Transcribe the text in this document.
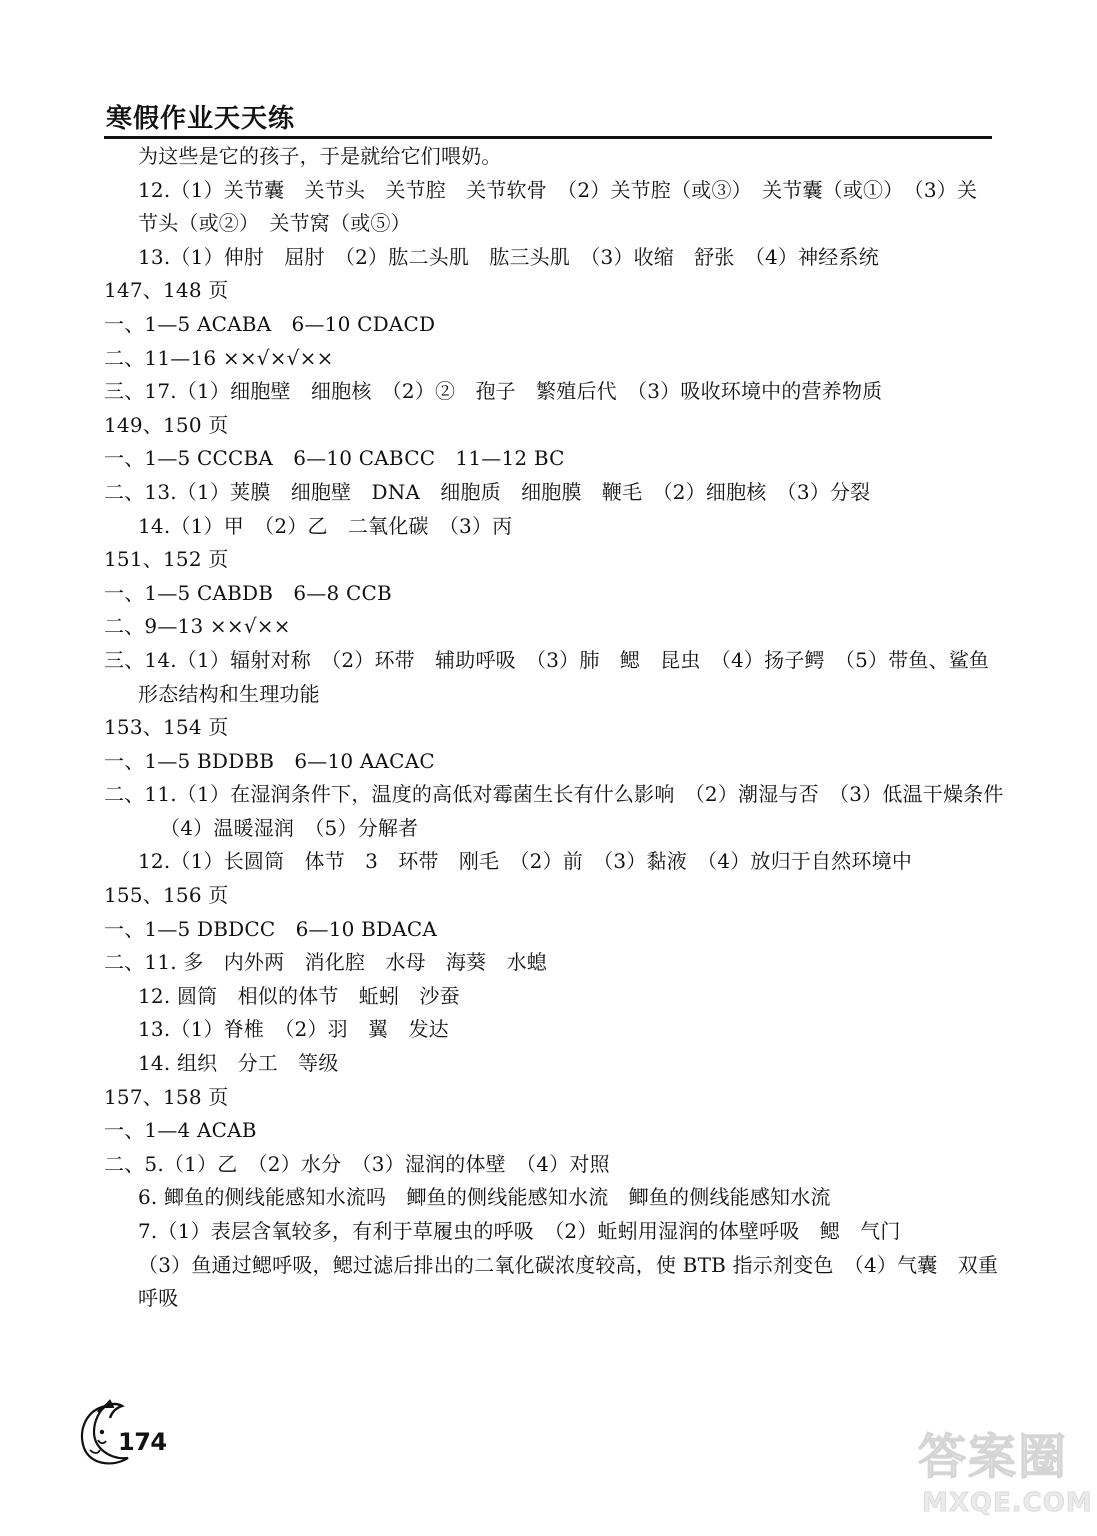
寒假作业天天练
为这些是它的孩子，于是就给它们喂奶。
12.（1）关节囊　关节头　关节腔　关节软骨　（2）关节腔（或③）　关节囊（或①）　（3）关
节头（或②）　关节窝（或⑤）
13.（1）伸肘　屈肘　（2）肱二头肌　肱三头肌　（3）收缩　舒张　（4）神经系统
147、148 页
一、1—5 ACABA　6—10 CDACD
二、11—16 ××√×√××
三、17.（1）细胞壁　细胞核　（2）②　孢子　繁殖后代　（3）吸收环境中的营养物质
149、150 页
一、1—5 CCCBA　6—10 CABCC　11—12 BC
二、13.（1）荚膜　细胞壁　DNA　细胞质　细胞膜　鞭毛　（2）细胞核　（3）分裂
14.（1）甲　（2）乙　二氧化碳　（3）丙
151、152 页
一、1—5 CABDB　6—8 CCB
二、9—13 ××√××
三、14.（1）辐射对称　（2）环带　辅助呼吸　（3）肺　鳃　昆虫　（4）扬子鳄　（5）带鱼、鲨鱼
形态结构和生理功能
153、154 页
一、1—5 BDDBB　6—10 AACAC
二、11.（1）在湿润条件下，温度的高低对霉菌生长有什么影响　（2）潮湿与否　（3）低温干燥条件
（4）温暖湿润　（5）分解者
12.（1）长圆筒　体节　3　环带　刚毛　（2）前　（3）黏液　（4）放归于自然环境中
155、156 页
一、1—5 DBDCC　6—10 BDACA
二、11. 多　内外两　消化腔　水母　海葵　水螅
12. 圆筒　相似的体节　蚯蚓　沙蚕
13.（1）脊椎　（2）羽　翼　发达
14. 组织　分工　等级
157、158 页
一、1—4 ACAB
二、5.（1）乙　（2）水分　（3）湿润的体壁　（4）对照
6. 鲫鱼的侧线能感知水流吗　鲫鱼的侧线能感知水流　鲫鱼的侧线能感知水流
7.（1）表层含氧较多，有利于草履虫的呼吸　（2）蚯蚓用湿润的体壁呼吸　鳃　气门
（3）鱼通过鳃呼吸，鳃过滤后排出的二氧化碳浓度较高，使 BTB 指示剂变色　（4）气囊　双重
呼吸
174	答案圈
MXQE.COM
